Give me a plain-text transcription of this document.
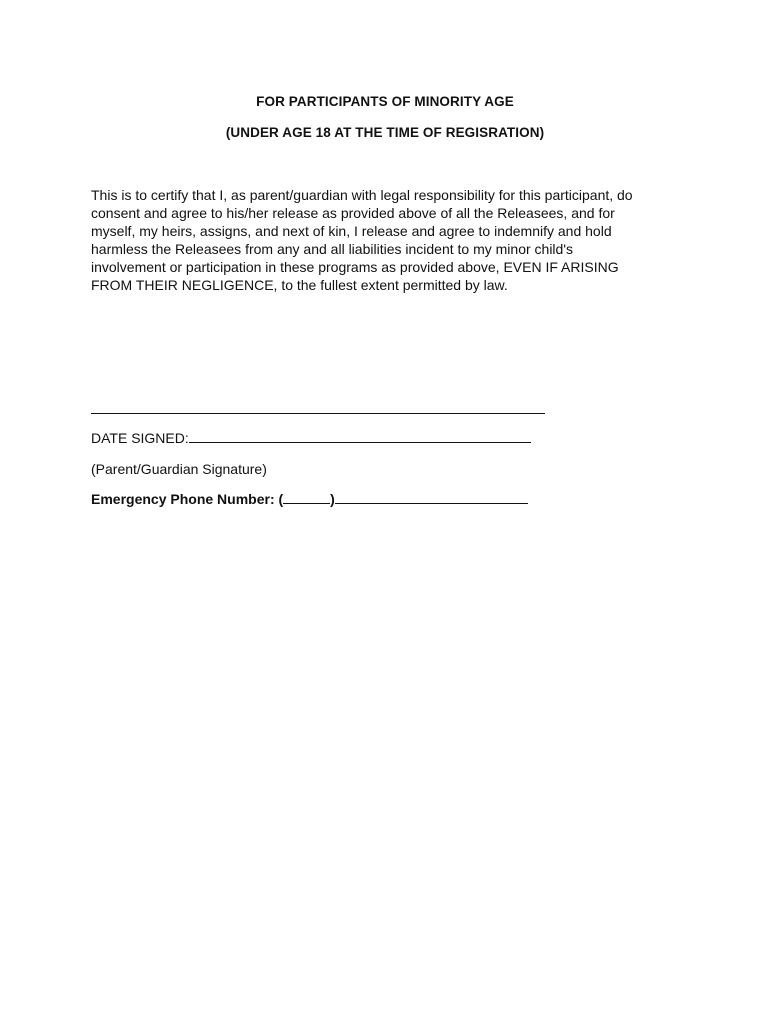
FOR PARTICIPANTS OF MINORITY AGE
(UNDER AGE 18 AT THE TIME OF REGISRATION)

This is to certify that I, as parent/guardian with legal responsibility for this participant, do
consent and agree to his/her release as provided above of all the Releasees, and for
myself, my heirs, assigns, and next of kin, I release and agree to indemnify and hold
harmless the Releasees from any and all liabilities incident to my minor child's
involvement or participation in these programs as provided above, EVEN IF ARISING
FROM THEIR NEGLIGENCE, to the fullest extent permitted by law.

DATE SIGNED:
(Parent/Guardian Signature)
Emergency Phone Number: (	)
